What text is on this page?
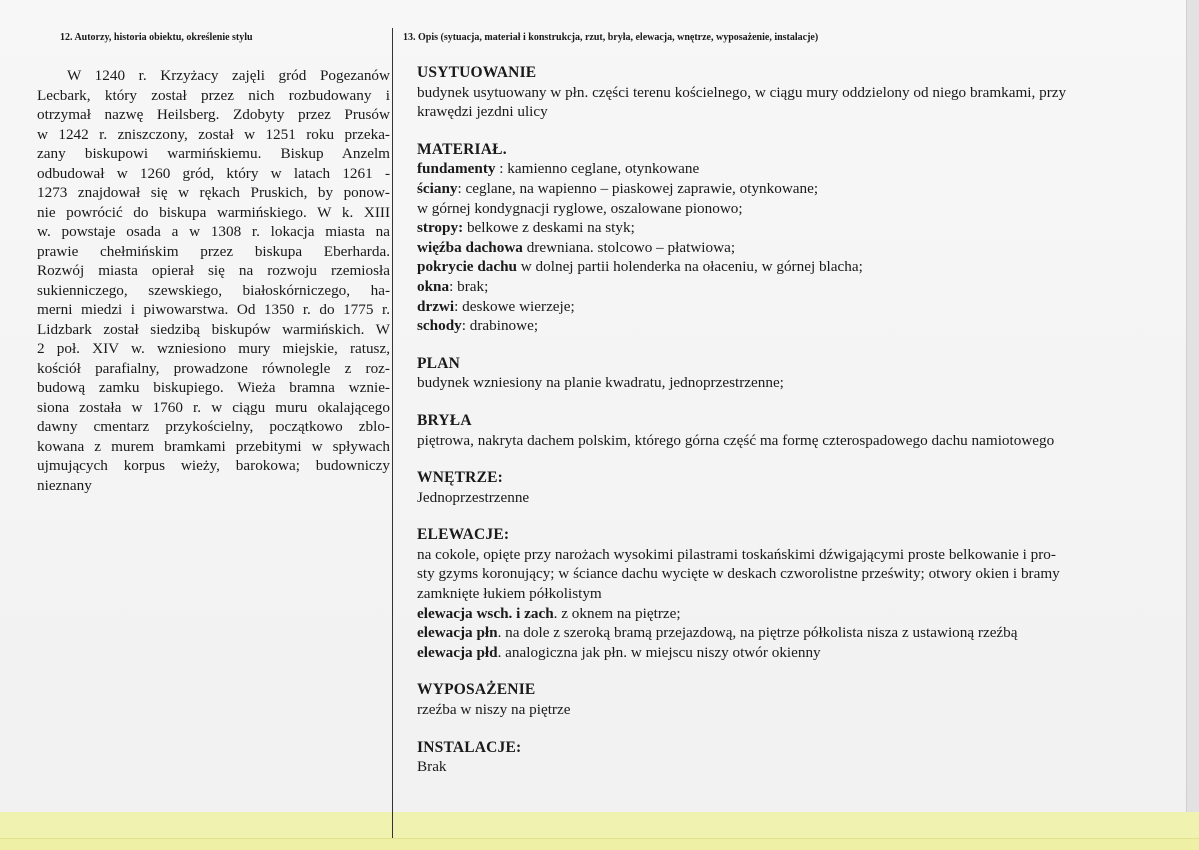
12. Autorzy, historia obiektu, określenie stylu	13. Opis (sytuacja, materiał i konstrukcja, rzut, bryła, elewacja, wnętrze, wyposażenie, instalacje)

W 1240 r. Krzyżacy zajęli gród Pogezanów
Lecbark, który został przez nich rozbudowany i
otrzymał nazwę Heilsberg. Zdobyty przez Prusów
w 1242 r. zniszczony, został w 1251 roku przeka-
zany biskupowi warmińskiemu. Biskup Anzelm
odbudował w 1260 gród, który w latach 1261 -
1273 znajdował się w rękach Pruskich, by ponow-
nie powrócić do biskupa warmińskiego. W k. XIII
w. powstaje osada a w 1308 r. lokacja miasta na
prawie chełmińskim przez biskupa Eberharda.
Rozwój miasta opierał się na rozwoju rzemiosła
sukienniczego, szewskiego, białoskórniczego, ha-
merni miedzi i piwowarstwa. Od 1350 r. do 1775 r.
Lidzbark został siedzibą biskupów warmińskich. W
2 poł. XIV w. wzniesiono mury miejskie, ratusz,
kościół parafialny, prowadzone równolegle z roz-
budową zamku biskupiego. Wieża bramna wznie-
siona została w 1760 r. w ciągu muru okalającego
dawny cmentarz przykościelny, początkowo zblo-
kowana z murem bramkami przebitymi w spływach
ujmujących korpus wieży, barokowa; budowniczy
nieznany

USYTUOWANIE
budynek usytuowany w płn. części terenu kościelnego, w ciągu mury oddzielony od niego bramkami, przy
krawędzi jezdni ulicy
MATERIAŁ.
fundamenty : kamienno ceglane, otynkowane
ściany: ceglane, na wapienno – piaskowej zaprawie, otynkowane;
w górnej kondygnacji ryglowe, oszalowane pionowo;
stropy: belkowe z deskami na styk;
więźba dachowa drewniana. stolcowo – płatwiowa;
pokrycie dachu w dolnej partii holenderka na ołaceniu, w górnej blacha;
okna: brak;
drzwi: deskowe wierzeje;
schody: drabinowe;
PLAN
budynek wzniesiony na planie kwadratu, jednoprzestrzenne;
BRYŁA
piętrowa, nakryta dachem polskim, którego górna część ma formę czterospadowego dachu namiotowego
WNĘTRZE:
Jednoprzestrzenne
ELEWACJE:
na cokole, opięte przy narożach wysokimi pilastrami toskańskimi dźwigającymi proste belkowanie i pro-
sty gzyms koronujący; w ściance dachu wycięte w deskach czworolistne prześwity; otwory okien i bramy
zamknięte łukiem półkolistym
elewacja wsch. i zach. z oknem na piętrze;
elewacja płn. na dole z szeroką bramą przejazdową, na piętrze półkolista nisza z ustawioną rzeźbą
elewacja płd. analogiczna jak płn. w miejscu niszy otwór okienny
WYPOSAŻENIE
rzeźba w niszy na piętrze
INSTALACJE:
Brak
